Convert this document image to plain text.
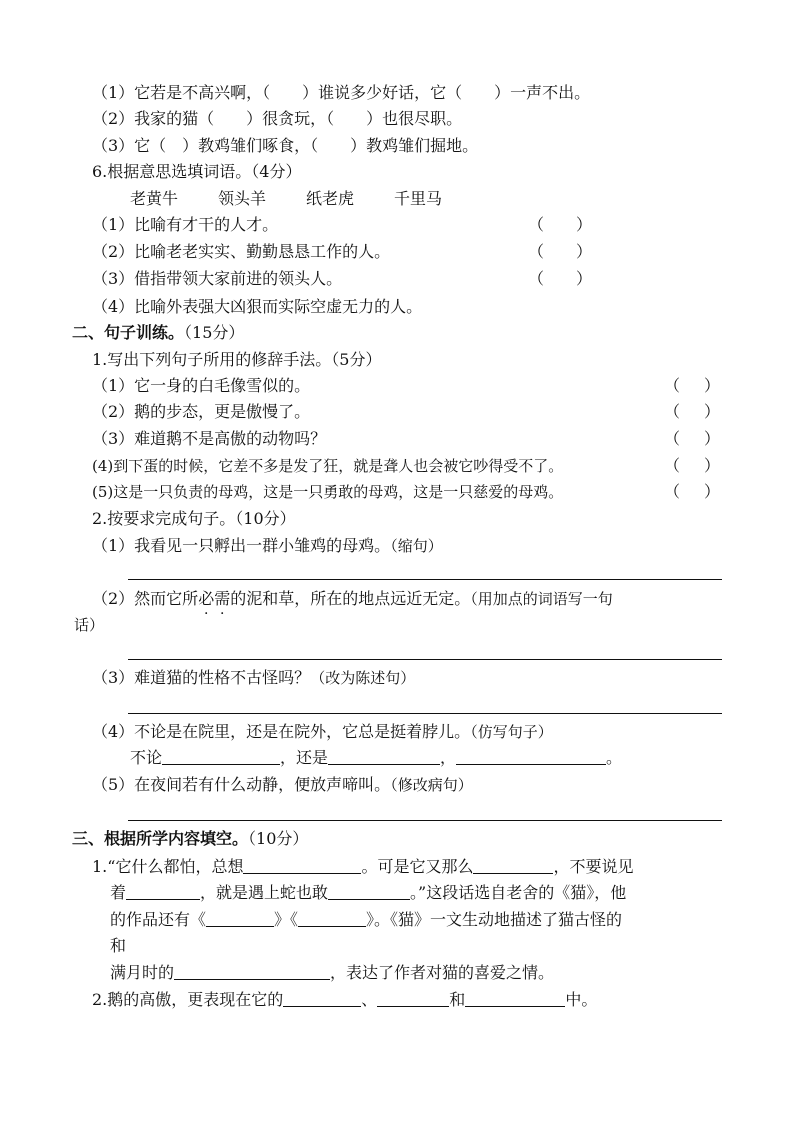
（1）它若是不高兴啊，（　　）谁说多少好话，它（　　）一声不出。
（2）我家的猫（　　）很贪玩，（　　）也很尽职。
（3）它（　）教鸡雏们啄食，（　　）教鸡雏们掘地。
6.根据意思选填词语。（4分）
老黄牛	领头羊	纸老虎	千里马
（1）比喻有才干的人才。	（　　）
（2）比喻老老实实、勤勤恳恳工作的人。	（　　）
（3）借指带领大家前进的领头人。	（　　）
（4）比喻外表强大凶狠而实际空虚无力的人。
二、句子训练。（15分）
1.写出下列句子所用的修辞手法。（5分）
（1）它一身的白毛像雪似的。	（ ）
（2）鹅的步态，更是傲慢了。	（ ）
（3）难道鹅不是高傲的动物吗？	（ ）
(4)到下蛋的时候，它差不多是发了狂，就是聋人也会被它吵得受不了。	（ ）
(5)这是一只负责的母鸡，这是一只勇敢的母鸡，这是一只慈爱的母鸡。	（ ）
2.按要求完成句子。（10分）
（1）我看见一只孵出一群小雏鸡的母鸡。（缩句）
（2）然而它所必需的泥和草，所在的地点远近无定。（用加点的词语写一句
话）
（3）难道猫的性格不古怪吗？（改为陈述句）
（4）不论是在院里，还是在院外，它总是挺着脖儿。（仿写句子）
不论	，还是	，	。
（5）在夜间若有什么动静，便放声啼叫。（修改病句）
三、根据所学内容填空。（10分）
1.“它什么都怕，总想	。可是它又那么	，不要说见
着	，就是遇上蛇也敢	。”这段话选自老舍的《猫》，他
的作品还有《	》《	》。《猫》一文生动地描述了猫古怪的
和
满月时的	，表达了作者对猫的喜爱之情。
2.鹅的高傲，更表现在它的	、	和	中。
